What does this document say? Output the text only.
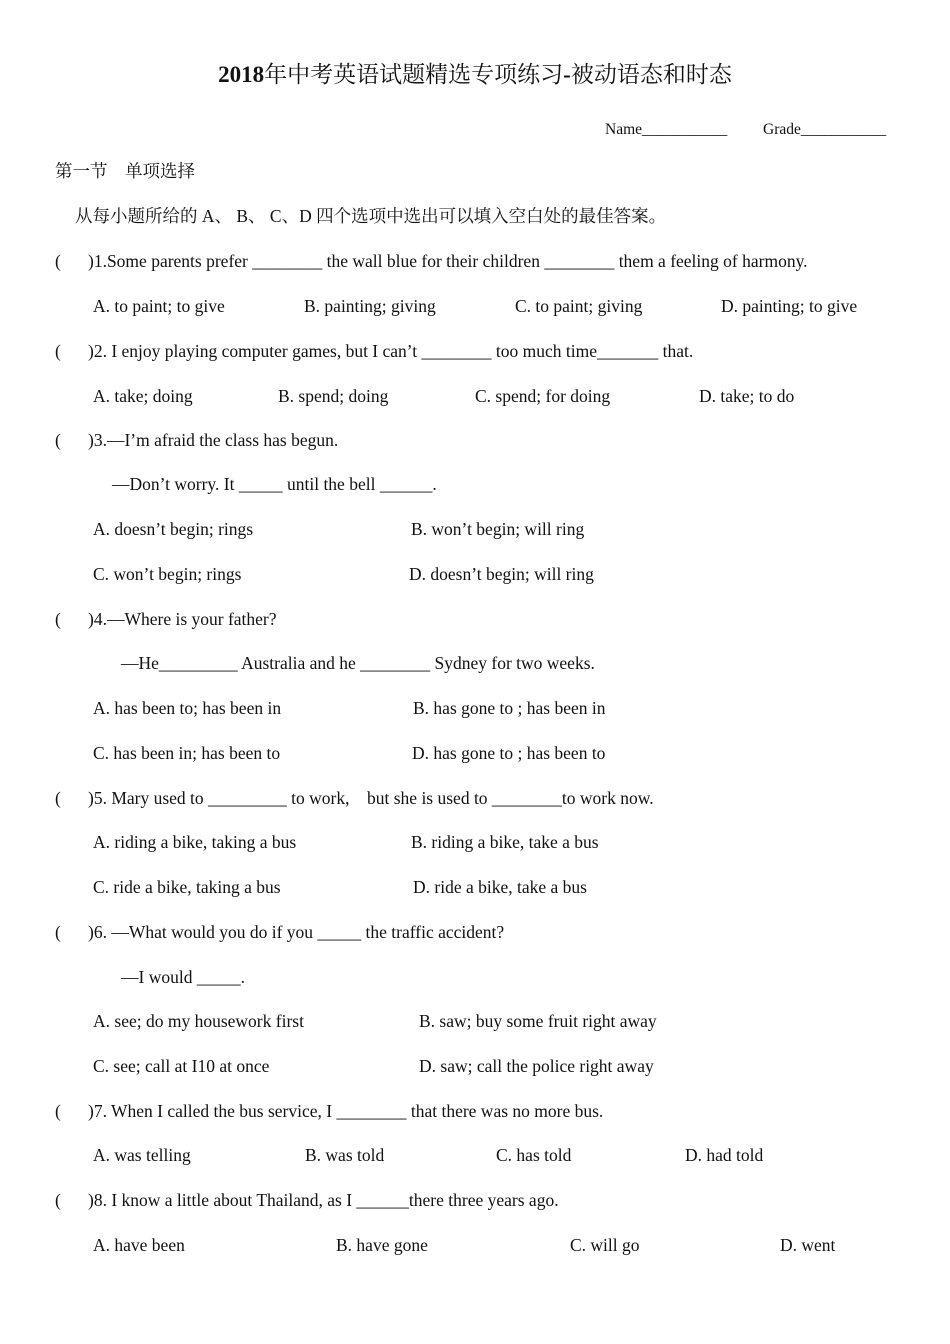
2018年中考英语试题精选专项练习-被动语态和时态
Name___________ Grade___________
第一节　单项选择
从每小题所给的 A、 B、 C、D 四个选项中选出可以填入空白处的最佳答案。
( )1.Some parents prefer ________ the wall blue for their children ________ them a feeling of harmony.
A. to paint; to give	B. painting; giving	C. to paint; giving	D. painting; to give
( )2. I enjoy playing computer games, but I can’t ________ too much time_______ that.
A. take; doing	B. spend; doing	C. spend; for doing	D. take; to do
( )3.—I’m afraid the class has begun.
—Don’t worry. It _____ until the bell ______.
A. doesn’t begin; rings	B. won’t begin; will ring
C. won’t begin; rings	D. doesn’t begin; will ring
( )4.—Where is your father?
—He_________ Australia and he ________ Sydney for two weeks.
A. has been to; has been in	B. has gone to ; has been in
C. has been in; has been to	D. has gone to ; has been to
( )5. Mary used to _________ to work,　but she is used to ________to work now.
A. riding a bike, taking a bus	B. riding a bike, take a bus
C. ride a bike, taking a bus	D. ride a bike, take a bus
( )6. —What would you do if you _____ the traffic accident?
—I would _____.
A. see; do my housework first	B. saw; buy some fruit right away
C. see; call at I10 at once	D. saw; call the police right away
( )7. When I called the bus service, I ________ that there was no more bus.
A. was telling	B. was told	C. has told	D. had told
( )8. I know a little about Thailand, as I ______there three years ago.
A. have been	B. have gone	C. will go	D. went
